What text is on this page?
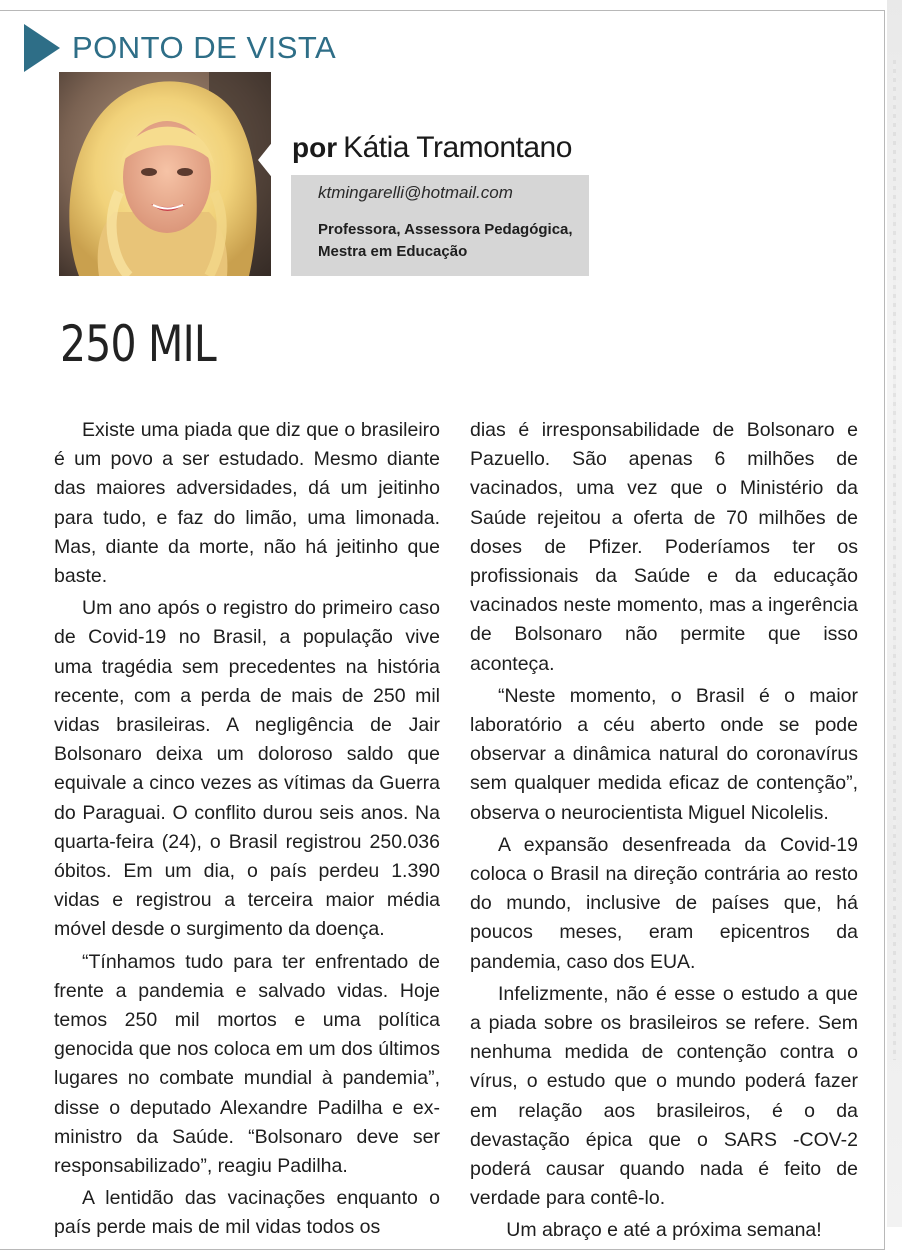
PONTO DE VISTA
por Kátia Tramontano
ktmingarelli@hotmail.com
Professora, Assessora Pedagógica, Mestra em Educação
250 MIL

Existe uma piada que diz que o brasileiro é um povo a ser estudado. Mesmo diante das maiores adversidades, dá um jeitinho para tudo, e faz do limão, uma limonada. Mas, diante da morte, não há jeitinho que baste.

Um ano após o registro do primeiro caso de Covid-19 no Brasil, a população vive uma tragédia sem precedentes na história recente, com a perda de mais de 250 mil vidas brasileiras. A negligência de Jair Bolsonaro deixa um doloroso saldo que equivale a cinco vezes as vítimas da Guerra do Paraguai. O conflito durou seis anos. Na quarta-feira (24), o Brasil registrou 250.036 óbitos. Em um dia, o país perdeu 1.390 vidas e registrou a terceira maior média móvel desde o surgimento da doença.

“Tínhamos tudo para ter enfrentado de frente a pandemia e salvado vidas. Hoje temos 250 mil mortos e uma política genocida que nos coloca em um dos últimos lugares no combate mundial à pandemia”, disse o deputado Alexandre Padilha e ex-ministro da Saúde. “Bolsonaro deve ser responsabilizado”, reagiu Padilha.

A lentidão das vacinações enquanto o país perde mais de mil vidas todos os

dias é irresponsabilidade de Bolsonaro e Pazuello. São apenas 6 milhões de vacinados, uma vez que o Ministério da Saúde rejeitou a oferta de 70 milhões de doses de Pfizer. Poderíamos ter os profissionais da Saúde e da educação vacinados neste momento, mas a ingerência de Bolsonaro não permite que isso aconteça.

“Neste momento, o Brasil é o maior laboratório a céu aberto onde se pode observar a dinâmica natural do coronavírus sem qualquer medida eficaz de contenção”, observa o neurocientista Miguel Nicolelis.

A expansão desenfreada da Covid-19 coloca o Brasil na direção contrária ao resto do mundo, inclusive de países que, há poucos meses, eram epicentros da pandemia, caso dos EUA.

Infelizmente, não é esse o estudo a que a piada sobre os brasileiros se refere. Sem nenhuma medida de contenção contra o vírus, o estudo que o mundo poderá fazer em relação aos brasileiros, é o da devastação épica que o SARS -COV-2 poderá causar quando nada é feito de verdade para contê-lo.

Um abraço e até a próxima semana!
